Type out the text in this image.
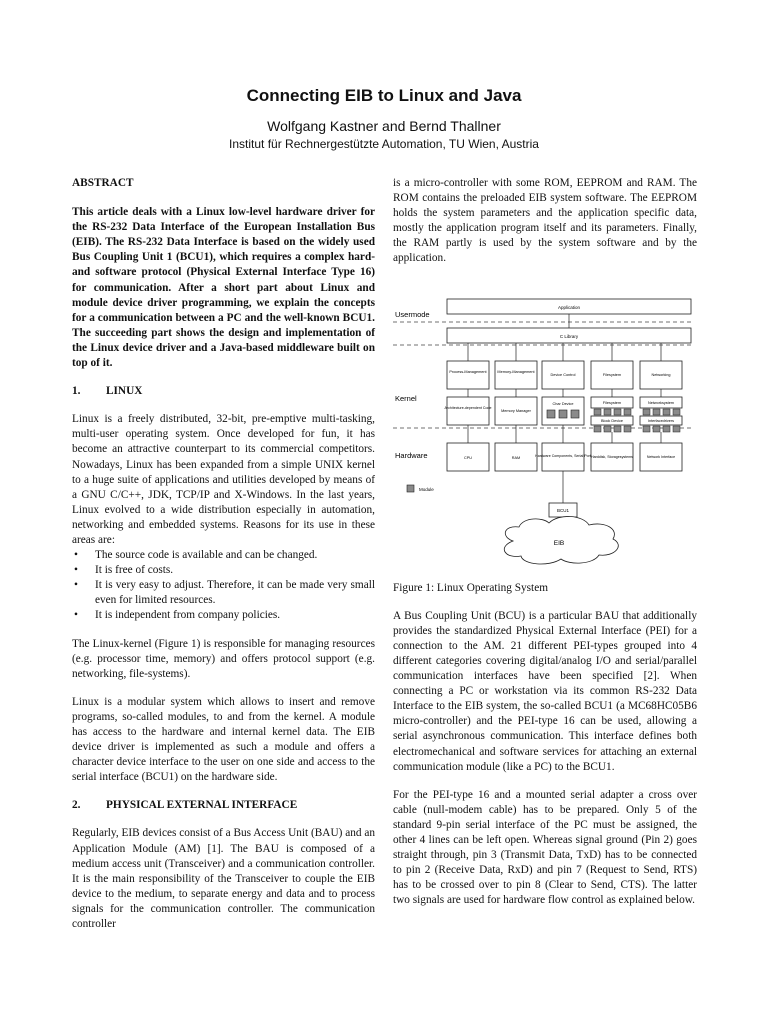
Connecting EIB to Linux and Java
Wolfgang Kastner and Bernd Thallner
Institut für Rechnergestützte Automation, TU Wien, Austria
ABSTRACT

This article deals with a Linux low-level hardware driver for the RS-232 Data Interface of the European Installation Bus (EIB). The RS-232 Data Interface is based on the widely used Bus Coupling Unit 1 (BCU1), which requires a complex hard- and software protocol (Physical External Interface Type 16) for communication. After a short part about Linux and module device driver programming, we explain the concepts for a communication between a PC and the well-known BCU1. The succeeding part shows the design and implementation of the Linux device driver and a Java-based middleware built on top of it.

1. LINUX

Linux is a freely distributed, 32-bit, pre-emptive multi-tasking, multi-user operating system. Once developed for fun, it has become an attractive counterpart to its commercial competitors. Nowadays, Linux has been expanded from a simple UNIX kernel to a huge suite of applications and utilities developed by means of a GNU C/C++, JDK, TCP/IP and X-Windows. In the last years, Linux evolved to a wide distribution especially in automation, networking and embedded systems. Reasons for its use in these areas are:

• The source code is available and can be changed.
• It is free of costs.
• It is very easy to adjust. Therefore, it can be made very small even for limited resources.
• It is independent from company policies.

The Linux-kernel (Figure 1) is responsible for managing resources (e.g. processor time, memory) and offers protocol support (e.g. networking, file-systems).

Linux is a modular system which allows to insert and remove programs, so-called modules, to and from the kernel. A module has access to the hardware and internal kernel data. The EIB device driver is implemented as such a module and offers a character device interface to the user on one side and access to the serial interface (BCU1) on the hardware side.

2. PHYSICAL EXTERNAL INTERFACE

Regularly, EIB devices consist of a Bus Access Unit (BAU) and an Application Module (AM) [1]. The BAU is composed of a medium access unit (Transceiver) and a communication controller. It is the main responsibility of the Transceiver to couple the EIB device to the medium, to separate energy and data and to process signals for the communication controller. The communication controller

is a micro-controller with some ROM, EEPROM and RAM. The ROM contains the preloaded EIB system software. The EEPROM holds the system parameters and the application specific data, mostly the application program itself and its parameters. Finally, the RAM partly is used by the system software and by the application.

Usermode
Kernel
Hardware
Application
C Library
Process-Management	Memory-Management
Device Control	Filesystem	Networking
Architecture-dependent Code
Memory Manager
Char Device	Filesystem
Block Device
Networksystem
Interfacedrivers
CPU	RAM	Hardware Components, Serial Port Harddisk, Storagesystems	Network Interface
Module
BCU1
EIB

Figure 1: Linux Operating System

A Bus Coupling Unit (BCU) is a particular BAU that additionally provides the standardized Physical External Interface (PEI) for a connection to the AM. 21 different PEI-types grouped into 4 different categories covering digital/analog I/O and serial/parallel communication interfaces have been specified [2]. When connecting a PC or workstation via its common RS-232 Data Interface to the EIB system, the so-called BCU1 (a MC68HC05B6 micro-controller) and the PEI-type 16 can be used, allowing a serial asynchronous communication. This interface defines both electromechanical and software services for attaching an external communication module (like a PC) to the BCU1.

For the PEI-type 16 and a mounted serial adapter a cross over cable (null-modem cable) has to be prepared. Only 5 of the standard 9-pin serial interface of the PC must be assigned, the other 4 lines can be left open. Whereas signal ground (Pin 2) goes straight through, pin 3 (Transmit Data, TxD) has to be connected to pin 2 (Receive Data, RxD) and pin 7 (Request to Send, RTS) has to be crossed over to pin 8 (Clear to Send, CTS). The latter two signals are used for hardware flow control as explained below.
